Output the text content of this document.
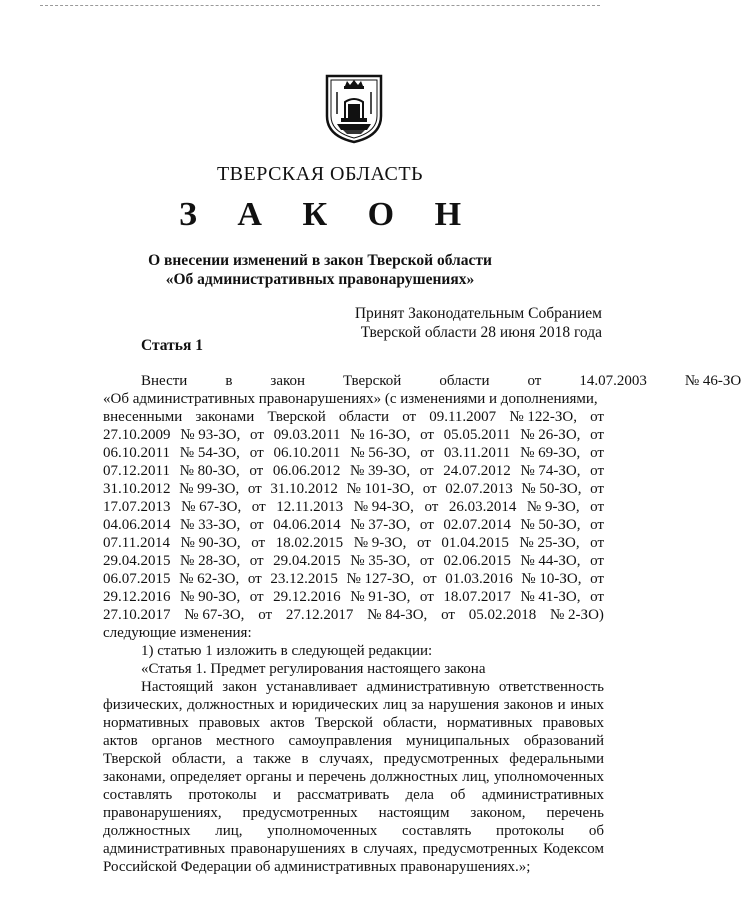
ТВЕРСКАЯ ОБЛАСТЬ
З А К О Н
О внесении изменений в закон Тверской области
«Об административных правонарушениях»
Принят Законодательным Собранием
Тверской области 28 июня 2018 года
Статья 1
Внести	в	закон	Тверской	области	от	14.07.2003	№ 46-ЗО

«Об административных правонарушениях» (с изменениями и дополнениями,

внесенными законами Тверской области от 09.11.2007 № 122-ЗО, от
27.10.2009 № 93-ЗО, от 09.03.2011 № 16-ЗО, от 05.05.2011 № 26-ЗО, от
06.10.2011 № 54-ЗО, от 06.10.2011 № 56-ЗО, от 03.11.2011 № 69-ЗО, от
07.12.2011 № 80-ЗО, от 06.06.2012 № 39-ЗО, от 24.07.2012 № 74-ЗО, от
31.10.2012 № 99-ЗО, от 31.10.2012 № 101-ЗО, от 02.07.2013 № 50-ЗО, от
17.07.2013 № 67-ЗО, от 12.11.2013 № 94-ЗО, от 26.03.2014 № 9-ЗО, от
04.06.2014 № 33-ЗО, от 04.06.2014 № 37-ЗО, от 02.07.2014 № 50-ЗО, от
07.11.2014 № 90-ЗО, от 18.02.2015 № 9-ЗО, от 01.04.2015 № 25-ЗО, от
29.04.2015 № 28-ЗО, от 29.04.2015 № 35-ЗО, от 02.06.2015 № 44-ЗО, от
06.07.2015 № 62-ЗО, от 23.12.2015 № 127-ЗО, от 01.03.2016 № 10-ЗО, от
29.12.2016 № 90-ЗО, от 29.12.2016 № 91-ЗО, от 18.07.2017 № 41-ЗО, от
27.10.2017 № 67-ЗО, от 27.12.2017 № 84-ЗО, от 05.02.2018 № 2-ЗО)

следующие изменения:

1) статью 1 изложить в следующей редакции:

«Статья 1. Предмет регулирования настоящего закона

Настоящий закон устанавливает административную ответственность физических, должностных и юридических лиц за нарушения законов и иных нормативных правовых актов Тверской области, нормативных правовых актов органов местного самоуправления муниципальных образований Тверской области, а также в случаях, предусмотренных федеральными законами, определяет органы и перечень должностных лиц, уполномоченных составлять протоколы и рассматривать дела об административных правонарушениях, предусмотренных настоящим законом, перечень должностных лиц, уполномоченных составлять протоколы об административных правонарушениях в случаях, предусмотренных Кодексом Российской Федерации об административных правонарушениях.»;
